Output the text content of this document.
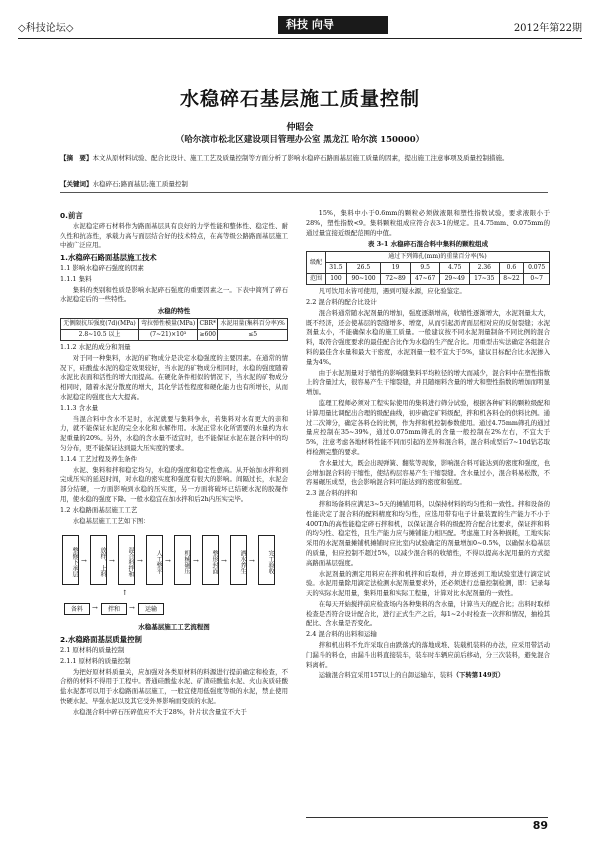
◇科技论坛◇	科技 向导	2012年第22期
水稳碎石基层施工质量控制
仲昭会
（哈尔滨市松北区建设项目管理办公室 黑龙江 哈尔滨 150000）
【摘　要】本文从原材料试验、配合比设计、施工工艺及质量控制等方面分析了影响水稳碎石路面基层施工质量的因素，提出施工注意事项及质量控制措施。
【关键词】水稳碎石;路面基层;施工质量控制
0.前言

水泥稳定碎石材料作为路面基层具有良好的力学性能和整体性、稳定性、耐久性和抗冻性，承载力高与面层结合好的技术特点，在高等级公路路面基层施工中被广泛应用。

1.水稳碎石路面基层施工技术
1.1 影响水稳碎石强度的因素
1.1.1 集料

集料的类别和性质是影响水泥碎石强度的重要因素之一。下表中简列了碎石水泥稳定后的一些特性。

水稳的特性
无侧限抗压强度(7d)(MPa)	弯拉弹性模量(MPa)	CBR*	水泥用量(集料百分率)%
2.8~10.5 以上	(7~21)×10³	≥600	≤5
1.1.2 水泥的成分和剂量

对于同一种集料，水泥的矿物成分是决定水稳强度的主要因素。在通常的情况下，硅酸盐水泥的稳定效果较好，当水泥的矿物成分相同时，水稳的强度随着水泥比表面和活性的增大而提高。在硬化条件相似的情况下，当水泥的矿物成分相同时，随着水泥分散度的增大，其化学活性程度和硬化能力也有所增长，从而水泥稳定的强度也大大提高。

1.1.3 含水量

当混合料中含水不足时，水泥就要与集料争水，若集料对水有更大的亲和力，就不能保证水泥的完全水化和水解作用。水泥正常水化所需要的水量约为水泥重量的20%。另外，水稳的含水量不适宜时，也不能保证水泥在混合料中的均匀分布，更不能保证达到最大压实度的要求。

1.1.4 工艺过程及养生条件

水泥、集料和拌和稳定均匀，水稳的强度和稳定性愈高。从开始加水拌和到完成压实的延迟时间，对水稳的密实度和强度有很大的影响。间隔过长，水泥会部分结硬，一方面影响到水稳的压实度，另一方面将破坏已结硬水泥的胶凝作用，使水稳的强度下降。一般水稳宜在加水拌和后2h内压实完毕。

1.2 水稳路面基层施工工艺

水稳基层施工工艺如下图：

整修下承层 →	放样、上料 →	混合料拌和 →	人工整平 →	机械碾压 →	整形封面 →	洒水养生 →	完工验收
↑
备料	→	拌和	→	运输
水稳基层施工工艺流程图
2.水稳路面基层质量控制
2.1 原材料的质量控制
2.1.1 原材料的质量控制

为把好原材料质量关，应加强对各类原材料的料源进行提前确定和检查，不合格的材料不得用于工程中。普通硅酸盐水泥、矿渣硅酸盐水泥、火山灰质硅酸盐水泥都可以用于水稳路面基层施工，一般宜使用低强度等级的水泥，禁止使用快硬水泥、早强水泥以及其它受外界影响而变质的水泥。

水稳混合料中碎石压碎值应不大于28%，针片状含量宜不大于

15%，集料中小于0.6mm的颗粒必须做液限和塑性指数试验，要求液限小于28%，塑性指数<9。集料颗粒组成应符合表3-1的规定。且4.75mm、0.075mm的通过量宜接近级配范围的中值。

表 3-1 水稳碎石混合料中集料的颗粒组成
级配	通过下列筛孔(mm)的重量百分率(%)							
	31.5	26.5	19	9.5	4.75	2.36	0.6	0.075
范围	100	90~100	72~89	47~67	29~49	17~35	8~22	0~7

凡可饮用水皆可使用，遇到可疑水源，应化验鉴定。

2.2 混合料的配合比设计

混合料通常随水泥剂量的增加，强度逐渐增高，收缩性逐渐增大，水泥剂量太大，既不经济，还会使基层的裂缝增多、增宽，从而引起沥青面层相对应的反射裂缝；水泥剂量太小，不能确保水稳的施工质量。一般建议按不同水泥剂量制备不同比例的混合料，取符合强度要求的最佳配合比作为水稳的生产配合比。用重型击实法确定各组混合料的最佳含水量和最大干密度，水泥剂量一般不宜大于5%，建议目标配合比水泥掺入量为4%。

由于水泥剂量对于缩性的影响随集料平均粒径的增大而减少，混合料中在塑性指数上的含量过大，很容易产生干缩裂缝，并且随细料含量的增大和塑性指数的增加而明显增加。

监理工程师必须对工程实际使用的集料进行筛分试验，根据各种矿料的颗粒级配和计算用量比调配出合理的级配曲线，初步确定矿料级配，拌和机各料仓的供料比例。通过二次筛分，确定各料仓的比例，作为拌和机控制参数使用。通过4.75mm筛孔的通过量应控制在35~39%，通过0.075mm筛孔的含量一般控制在2%左右，不宜大于5%，注意考虑各地材料性能不同而引起的差异和混合料，混合料成型后7~10d钻芯取样检测完整的要求。

含水量过大，既会出现弹簧、翻浆等现象，影响混合料可能达到的密度和强度，也会增加混合料的干缩性，使结构层容易产生干缩裂缝。含水量过小，混合料易松散，不容易碾压成型，也会影响混合料可能达到的密度和强度。

2.3 混合料的拌和

拌和场备料应满足3~5天的摊铺用料，以保持材料的均匀性和一致性。拌和设备的性能决定了混合料的配料精度和均匀性，应选用带有电子计量装置的生产能力不小于400T/h的高性能稳定碎石拌和机，以保证混合料的级配符合配合比要求，保证拌和料的均匀性、稳定性，且生产能力应与摊铺能力相匹配。考虑施工时各种损耗，工地实际采用的水泥剂量摊铺机摊铺时应比室内试验确定的剂量增加0~0.5%，以确保水稳基层的质量，但应控制不超过5%，以减少混合料的收缩性，不得以提高水泥用量的方式提高路面基层强度。

水泥剂量的测定用料应在拌和机拌和后取样，并立即送到工地试验室进行滴定试验。水泥用量除用滴定法检测水泥剂量要求外，还必须进行总量控制检测，即：记录每天的实际水泥用量，集料用量和实际工程量，计算对比水泥剂量的一致性。

在每天开始搅拌前应检查场内各种集料的含水量，计算当天的配合比；出料时取样检查是否符合设计配合比，进行正式生产之后，每1~2小时检查一次拌和情况，抽检其配比、含水量是否变化。

2.4 混合料的出料和运输

拌和机出料不允许采取自由跌落式的落地成堆、装载机装料的办法，应采用带活动门漏斗的料仓，由漏斗出料直接装车，装车时车辆应前后移动，分三次装料，避免混合料离析。

运输混合料宜采用15T以上的自卸运输车，装料（下转第149页）

89
